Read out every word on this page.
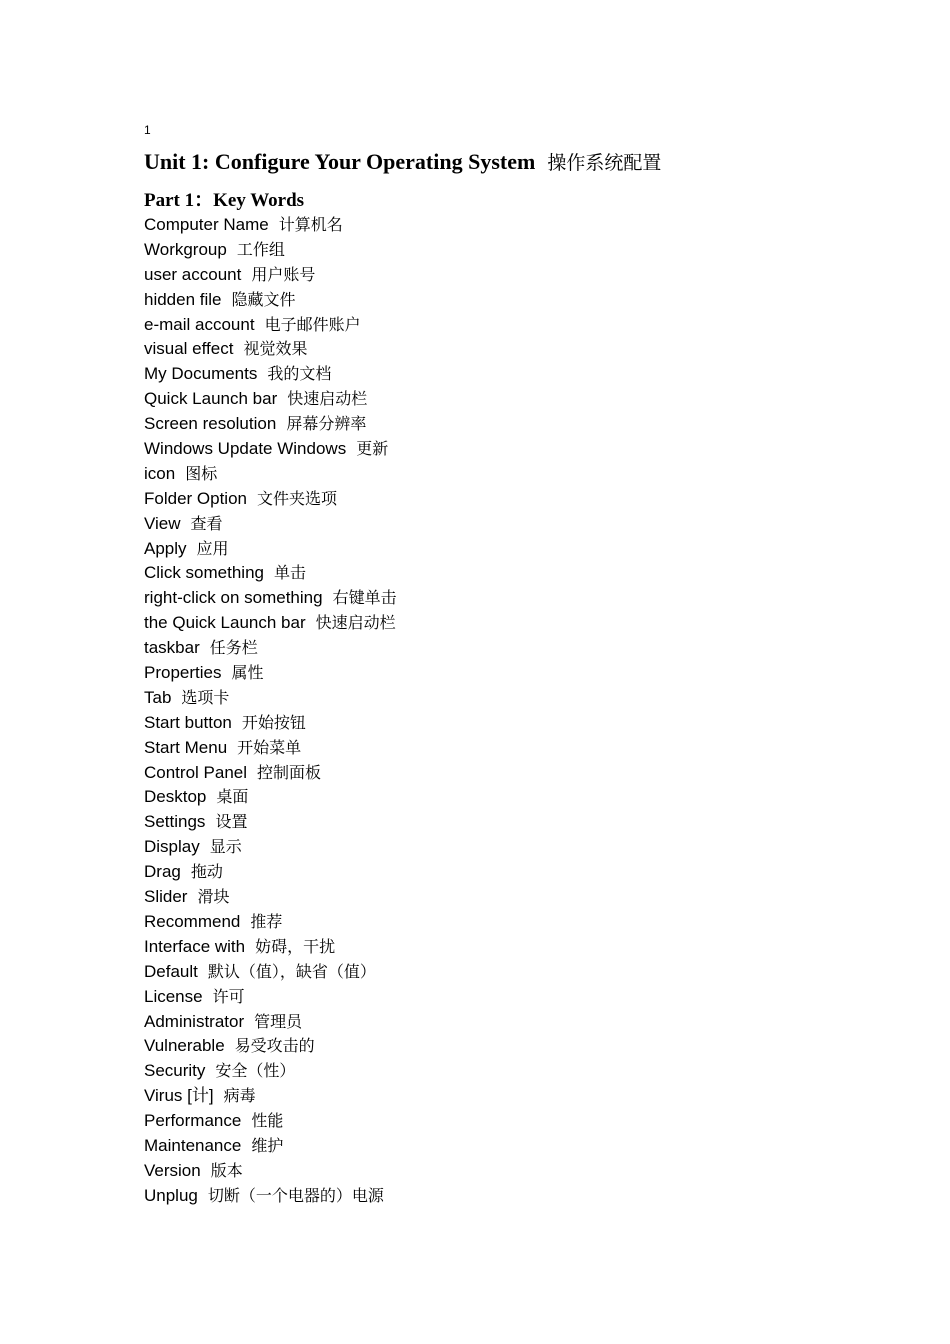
1
Unit 1: Configure Your Operating System 操作系统配置
Part 1：Key Words
Computer Name 计算机名
Workgroup 工作组
user account 用户账号
hidden file 隐藏文件
e-mail account 电子邮件账户
visual effect 视觉效果
My Documents 我的文档
Quick Launch bar 快速启动栏
Screen resolution 屏幕分辨率
Windows Update Windows 更新
icon 图标
Folder Option 文件夹选项
View 查看
Apply 应用
Click something 单击
right-click on something 右键单击
the Quick Launch bar 快速启动栏
taskbar 任务栏
Properties 属性
Tab 选项卡
Start button 开始按钮
Start Menu 开始菜单
Control Panel 控制面板
Desktop 桌面
Settings 设置
Display 显示
Drag 拖动
Slider 滑块
Recommend 推荐
Interface with 妨碍，干扰
Default 默认（值），缺省（值）
License 许可
Administrator 管理员
Vulnerable 易受攻击的
Security 安全（性）
Virus [计] 病毒
Performance 性能
Maintenance 维护
Version 版本
Unplug 切断（一个电器的）电源
